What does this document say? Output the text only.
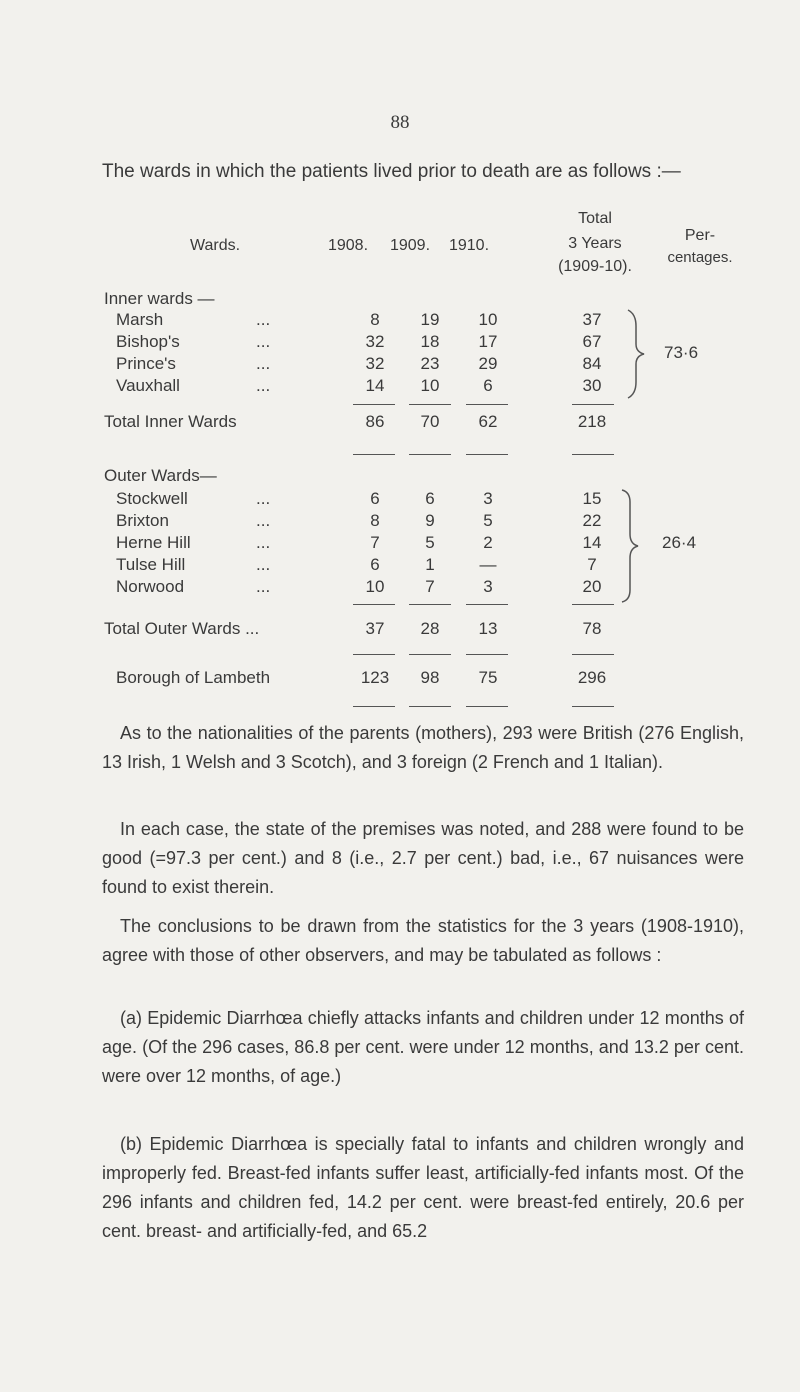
88
The wards in which the patients lived prior to death are as follows :—
Wards.	1908.	1909.	1910.
Total
3 Years
(1909-10).
Per-
centages.
Inner wards —
Marsh	...	8	19	10	37
Bishop's	...	32	18	17	67
Prince's	...	32	23	29	84
Vauxhall	...	14	10	6	30
73·6
Total Inner Wards	86	70	62	218
Outer Wards—
Stockwell	...	6	6	3	15
Brixton	...	8	9	5	22
Herne Hill	...	7	5	2	14
Tulse Hill	...	6	1	—	7
Norwood	...	10	7	3	20
26·4
Total Outer Wards ...	37	28	13	78
Borough of Lambeth	123	98	75	296
As to the nationalities of the parents (mothers), 293 were British (276 English, 13 Irish, 1 Welsh and 3 Scotch), and 3 foreign (2 French and 1 Italian).
In each case, the state of the premises was noted, and 288 were found to be good (=97.3 per cent.) and 8 (i.e., 2.7 per cent.) bad, i.e., 67 nuisances were found to exist therein.
The conclusions to be drawn from the statistics for the 3 years (1908-1910), agree with those of other observers, and may be tabulated as follows :
(a) Epidemic Diarrhœa chiefly attacks infants and children under 12 months of age. (Of the 296 cases, 86.8 per cent. were under 12 months, and 13.2 per cent. were over 12 months, of age.)
(b) Epidemic Diarrhœa is specially fatal to infants and children wrongly and improperly fed. Breast-fed infants suffer least, artificially-fed infants most. Of the 296 infants and children fed, 14.2 per cent. were breast-fed entirely, 20.6 per cent. breast- and artificially-fed, and 65.2
